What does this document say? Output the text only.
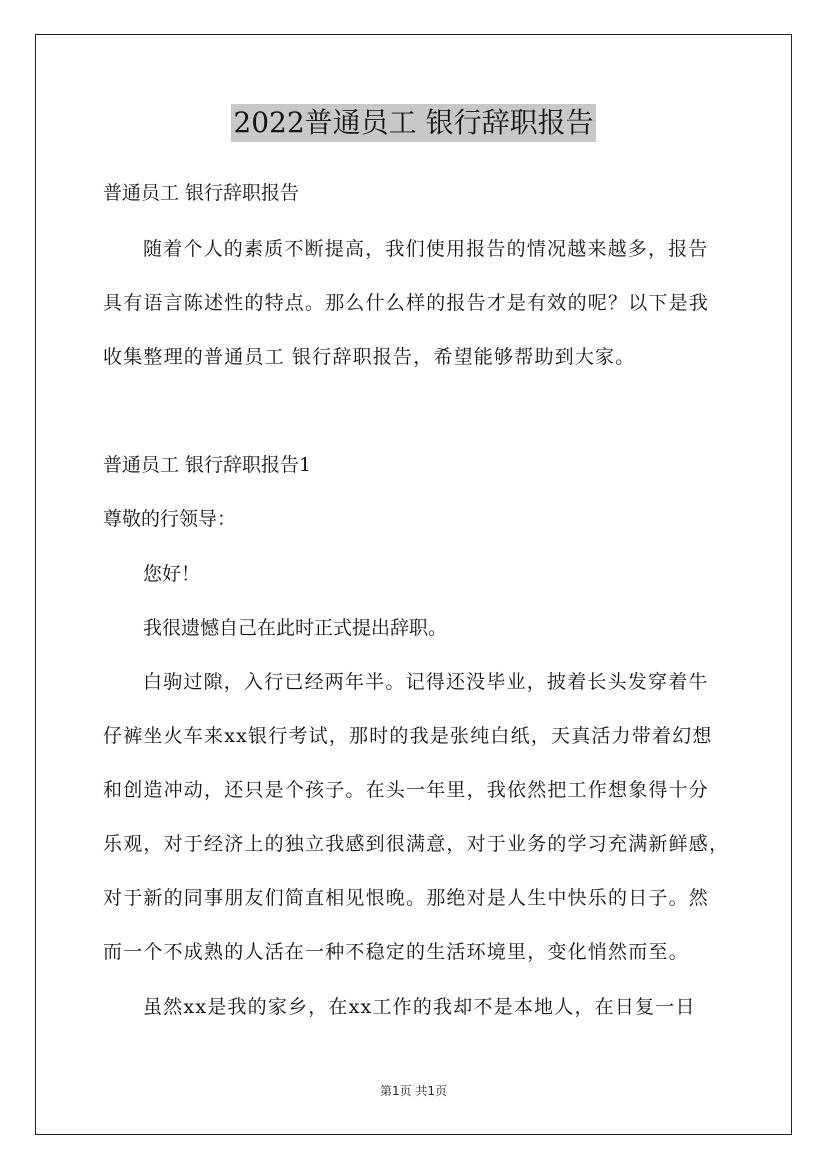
2022普通员工 银行辞职报告
普通员工 银行辞职报告
随着个人的素质不断提高，我们使用报告的情况越来越多，报告
具有语言陈述性的特点。那么什么样的报告才是有效的呢？以下是我
收集整理的普通员工 银行辞职报告，希望能够帮助到大家。
普通员工 银行辞职报告1
尊敬的行领导：
您好！
我很遗憾自己在此时正式提出辞职。
白驹过隙，入行已经两年半。记得还没毕业，披着长头发穿着牛
仔裤坐火车来xx银行考试，那时的我是张纯白纸，天真活力带着幻想
和创造冲动，还只是个孩子。在头一年里，我依然把工作想象得十分
乐观，对于经济上的独立我感到很满意，对于业务的学习充满新鲜感，
对于新的同事朋友们简直相见恨晚。那绝对是人生中快乐的日子。然
而一个不成熟的人活在一种不稳定的生活环境里，变化悄然而至。
虽然xx是我的家乡，在xx工作的我却不是本地人，在日复一日
第1页 共1页
